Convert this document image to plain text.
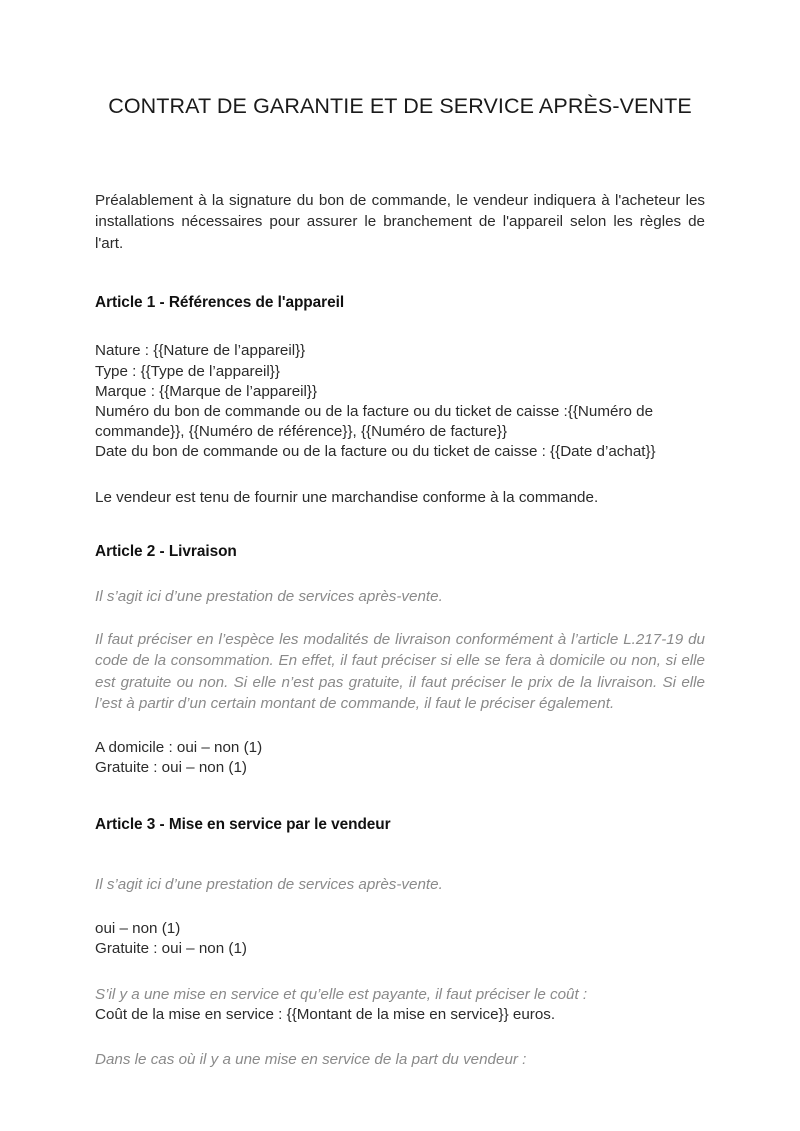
CONTRAT DE GARANTIE ET DE SERVICE APRÈS-VENTE

Préalablement à la signature du bon de commande, le vendeur indiquera à l'acheteur les installations nécessaires pour assurer le branchement de l'appareil selon les règles de l'art.

Article 1 - Références de l'appareil

Nature : {{Nature de l’appareil}}

Type : {{Type de l’appareil}}

Marque : {{Marque de l’appareil}}

Numéro du bon de commande ou de la facture ou du ticket de caisse :{{Numéro de commande}}, {{Numéro de référence}}, {{Numéro de facture}}

Date du bon de commande ou de la facture ou du ticket de caisse : {{Date d’achat}}

Le vendeur est tenu de fournir une marchandise conforme à la commande.

Article 2 - Livraison

Il s’agit ici d’une prestation de services après-vente.

Il faut préciser en l’espèce les modalités de livraison conformément à l’article L.217-19 du code de la consommation. En effet, il faut préciser si elle se fera à domicile ou non, si elle est gratuite ou non. Si elle n’est pas gratuite, il faut préciser le prix de la livraison. Si elle l’est à partir d’un certain montant de commande, il faut le préciser également.

A domicile : oui – non (1)

Gratuite : oui – non (1)

Article 3 - Mise en service par le vendeur

Il s’agit ici d’une prestation de services après-vente.

oui – non (1)

Gratuite : oui – non (1)

S’il y a une mise en service et qu’elle est payante, il faut préciser le coût :

Coût de la mise en service : {{Montant de la mise en service}} euros.

Dans le cas où il y a une mise en service de la part du vendeur :
